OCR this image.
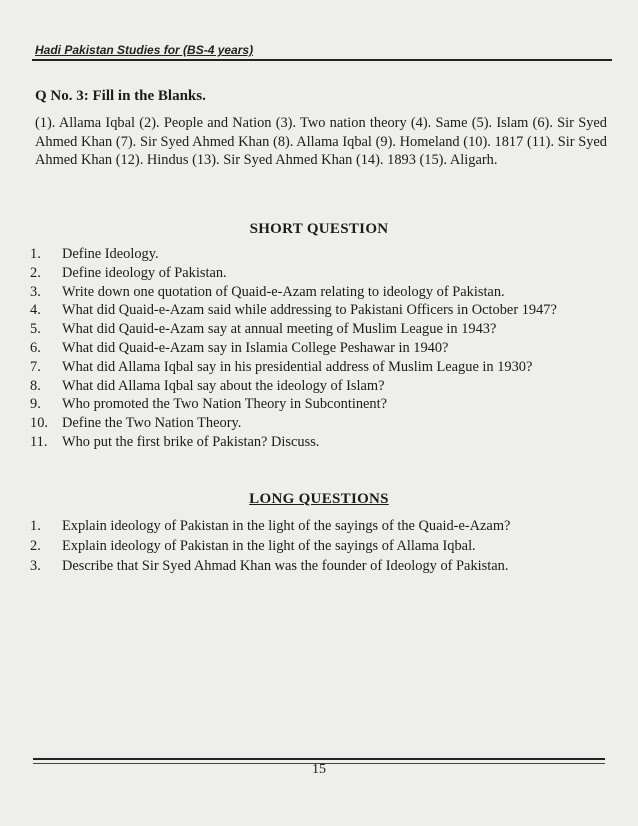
Hadi Pakistan Studies for (BS-4 years)
Q No. 3: Fill in the Blanks.
(1). Allama Iqbal (2). People and Nation (3). Two nation theory (4). Same (5). Islam (6). Sir Syed Ahmed Khan (7). Sir Syed Ahmed Khan (8). Allama Iqbal (9). Homeland (10). 1817 (11). Sir Syed Ahmed Khan (12). Hindus (13). Sir Syed Ahmed Khan (14). 1893 (15). Aligarh.
SHORT QUESTION
1.	Define Ideology.
2.	Define ideology of Pakistan.
3.	Write down one quotation of Quaid-e-Azam relating to ideology of Pakistan.
4.	What did Quaid-e-Azam said while addressing to Pakistani Officers in October 1947?
5.	What did Qauid-e-Azam say at annual meeting of Muslim League in 1943?
6.	What did Quaid-e-Azam say in Islamia College Peshawar in 1940?
7.	What did Allama Iqbal say in his presidential address of Muslim League in 1930?
8.	What did Allama Iqbal say about the ideology of Islam?
9.	Who promoted the Two Nation Theory in Subcontinent?
10. Define the Two Nation Theory.
11.	Who put the first brike of Pakistan? Discuss.
LONG QUESTIONS
1.	Explain ideology of Pakistan in the light of the sayings of the Quaid-e-Azam?
2.	Explain ideology of Pakistan in the light of the sayings of Allama Iqbal.
3.	Describe that Sir Syed Ahmad Khan was the founder of Ideology of Pakistan.
15
